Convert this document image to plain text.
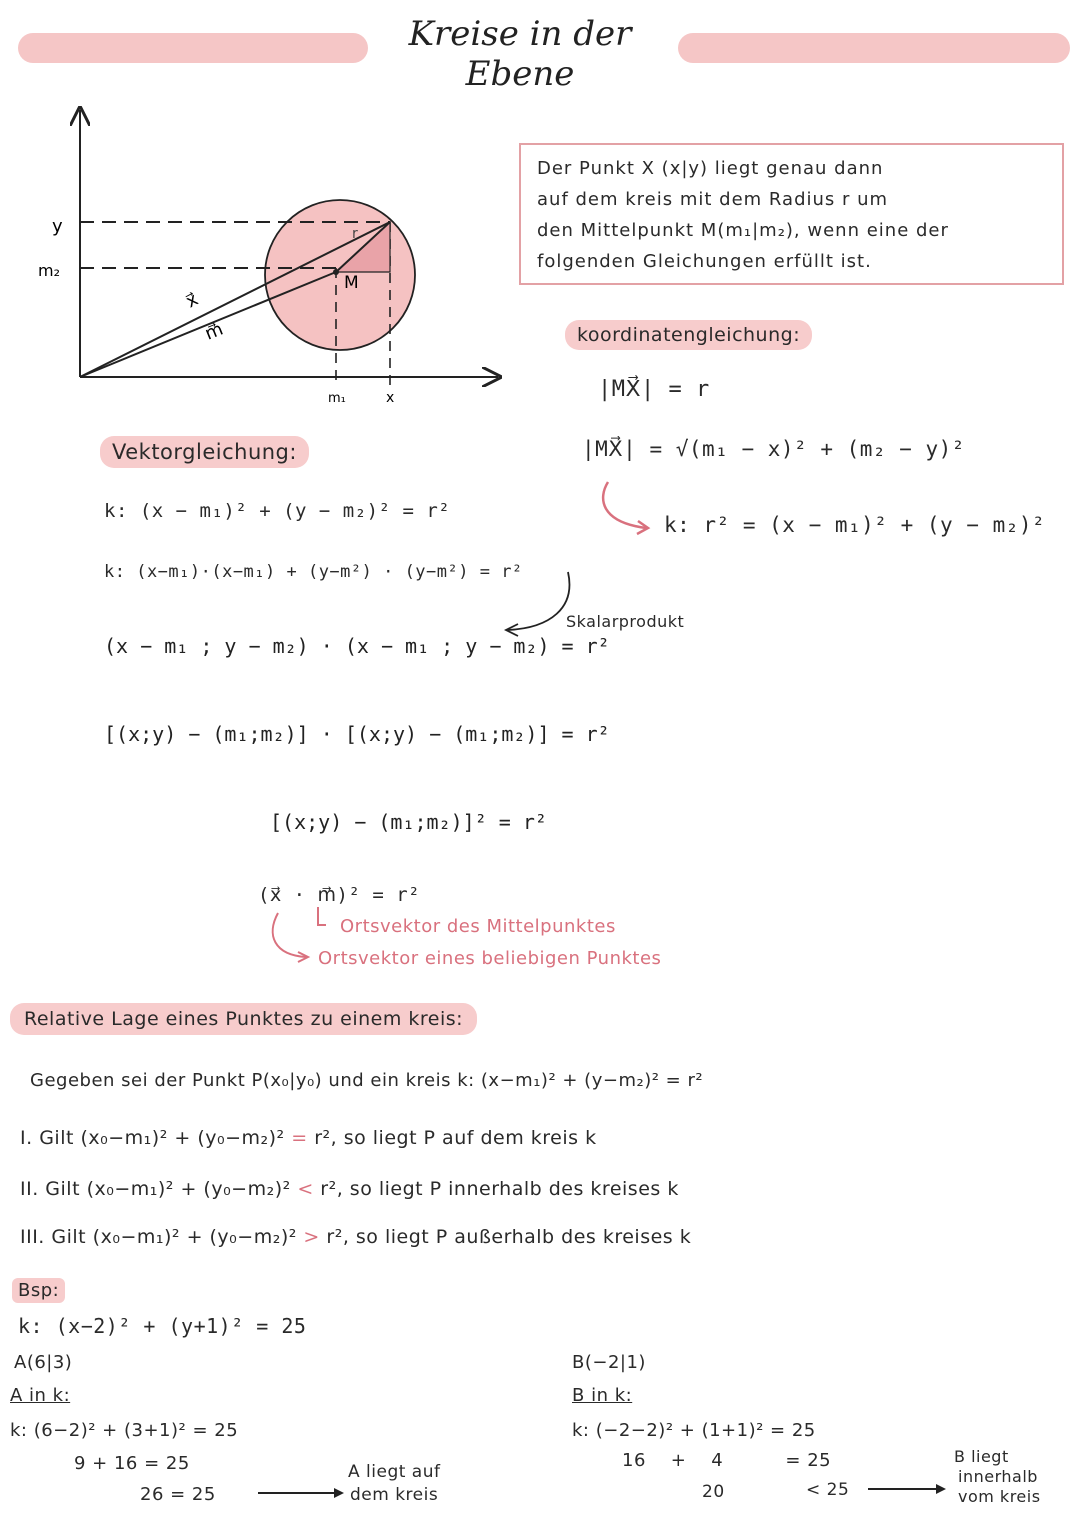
Kreise in der Ebene
y
m₂
m₁	x
x⃗
m⃗
M
r
Der Punkt X (x|y) liegt genau dann
auf dem kreis mit dem Radius r um
den Mittelpunkt M(m₁|m₂), wenn eine der
folgenden Gleichungen erfüllt ist.
koordinatengleichung:
|MX⃗| = r
|MX⃗| = √(m₁ − x)² + (m₂ − y)²
k: r² = (x − m₁)² + (y − m₂)²
Vektorgleichung:
k: (x − m₁)² + (y − m₂)² = r²
k: (x−m₁)·(x−m₁) + (y−m²) · (y−m²) = r²
Skalarprodukt
(x − m₁ ; y − m₂) · (x − m₁ ; y − m₂) = r²
[(x;y) − (m₁;m₂)] · [(x;y) − (m₁;m₂)] = r²
[(x;y) − (m₁;m₂)]² = r²
(x⃗ · m⃗)² = r²
Ortsvektor des Mittelpunktes
Ortsvektor eines beliebigen Punktes
Relative Lage eines Punktes zu einem kreis:
Gegeben sei der Punkt P(x₀|y₀) und ein kreis k: (x−m₁)² + (y−m₂)² = r²
I. Gilt (x₀−m₁)² + (y₀−m₂)² = r², so liegt P auf dem kreis k
II. Gilt (x₀−m₁)² + (y₀−m₂)² < r², so liegt P innerhalb des kreises k
III. Gilt (x₀−m₁)² + (y₀−m₂)² > r², so liegt P außerhalb des kreises k
Bsp:
k: (x−2)² + (y+1)² = 25
A(6|3)
A in k:
k: (6−2)² + (3+1)² = 25
9 + 16 = 25
26 = 25
A liegt auf
dem kreis
B(−2|1)
B in k:
k: (−2−2)² + (1+1)² = 25
16    +    4          = 25
20	< 25
B liegt
innerhalb
vom kreis
